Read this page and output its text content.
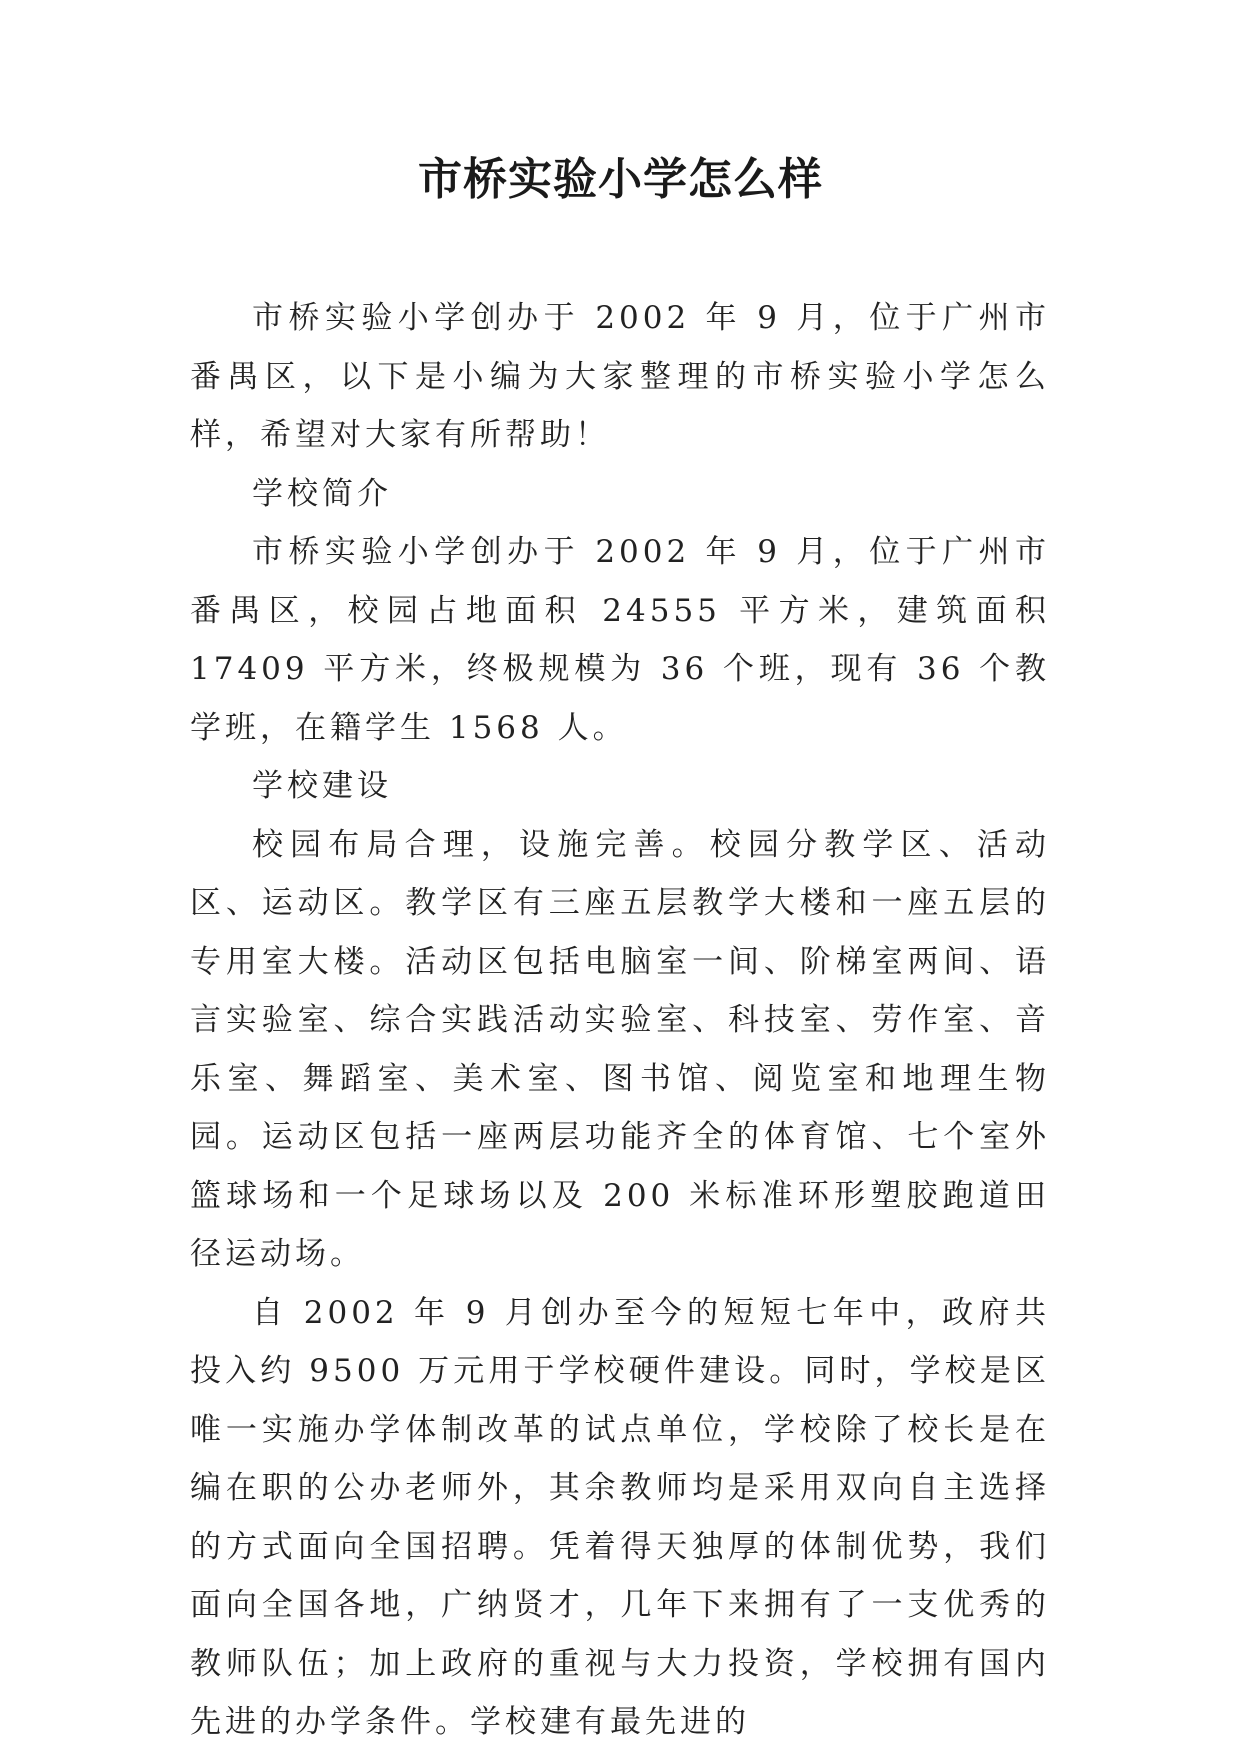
市桥实验小学怎么样

市桥实验小学创办于 2002 年 9 月，位于广州市番禺区，以下是小编为大家整理的市桥实验小学怎么样，希望对大家有所帮助！

学校简介

市桥实验小学创办于 2002 年 9 月，位于广州市番禺区，校园占地面积 24555 平方米，建筑面积 17409 平方米，终极规模为 36 个班，现有 36 个教学班，在籍学生 1568 人。

学校建设

校园布局合理，设施完善。校园分教学区、活动区、运动区。教学区有三座五层教学大楼和一座五层的专用室大楼。活动区包括电脑室一间、阶梯室两间、语言实验室、综合实践活动实验室、科技室、劳作室、音乐室、舞蹈室、美术室、图书馆、阅览室和地理生物园。运动区包括一座两层功能齐全的体育馆、七个室外篮球场和一个足球场以及 200 米标准环形塑胶跑道田径运动场。

自 2002 年 9 月创办至今的短短七年中，政府共投入约 9500 万元用于学校硬件建设。同时，学校是区唯一实施办学体制改革的试点单位，学校除了校长是在编在职的公办老师外，其余教师均是采用双向自主选择的方式面向全国招聘。凭着得天独厚的体制优势，我们面向全国各地，广纳贤才，几年下来拥有了一支优秀的教师队伍；加上政府的重视与大力投资，学校拥有国内先进的办学条件。学校建有最先进的
